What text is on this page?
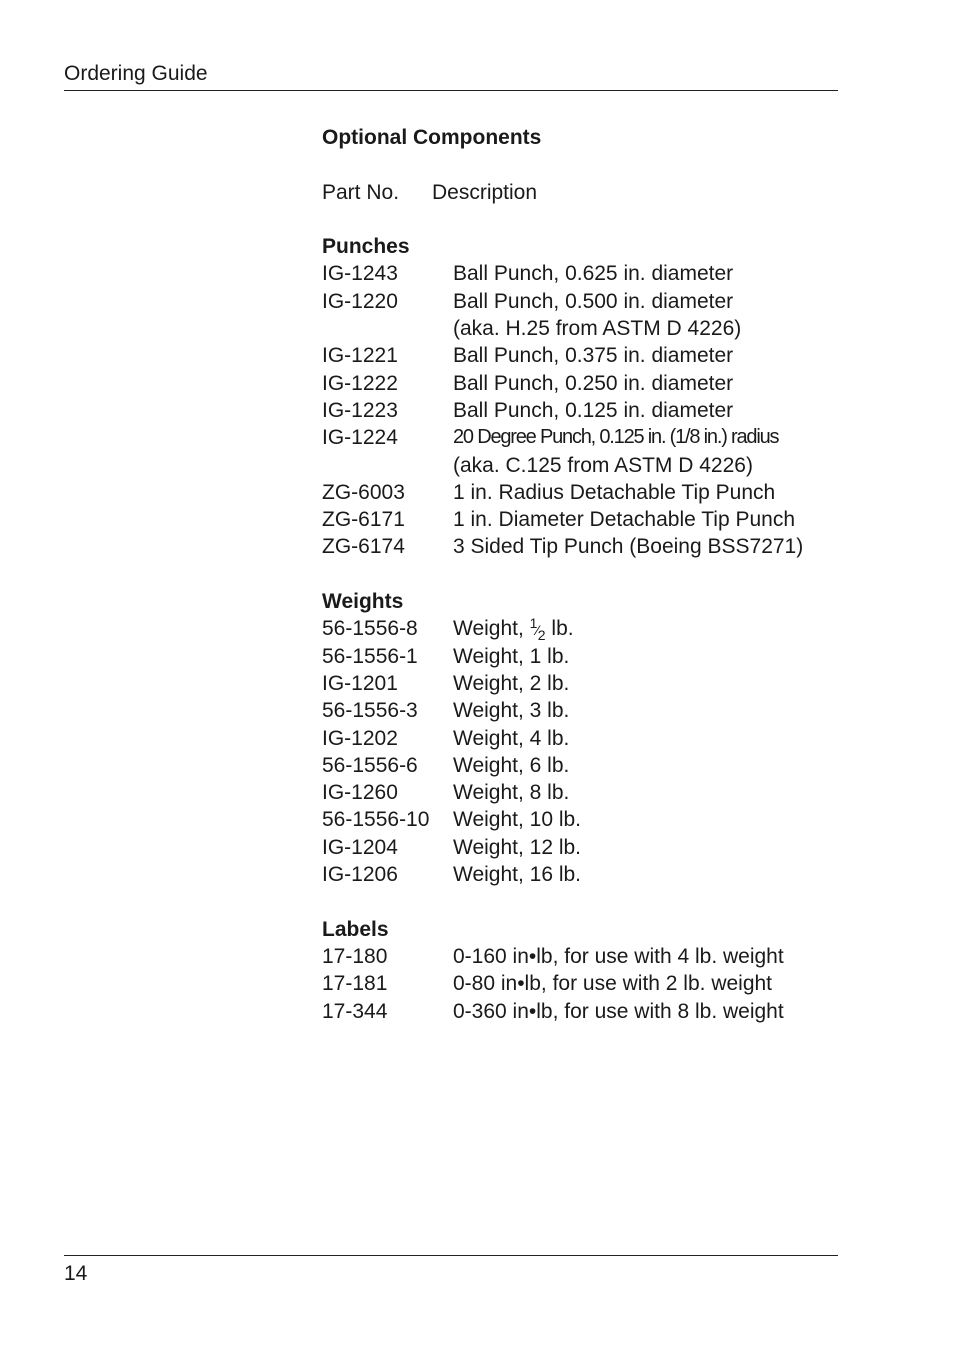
Ordering Guide
Optional Components
Part No.	Description
Punches
IG-1243	Ball Punch, 0.625 in. diameter
IG-1220	Ball Punch, 0.500 in. diameter
(aka. H.25 from ASTM D 4226)
IG-1221	Ball Punch, 0.375 in. diameter
IG-1222	Ball Punch, 0.250 in. diameter
IG-1223	Ball Punch, 0.125 in. diameter
IG-1224	20 Degree Punch, 0.125 in. (1/8 in.) radius
(aka. C.125 from ASTM D 4226)
ZG-6003	1 in. Radius Detachable Tip Punch
ZG-6171	1 in. Diameter Detachable Tip Punch
ZG-6174	3 Sided Tip Punch (Boeing BSS7271)
Weights
56-1556-8	Weight, 1⁄2 lb.
56-1556-1	Weight, 1 lb.
IG-1201	Weight, 2 lb.
56-1556-3	Weight, 3 lb.
IG-1202	Weight, 4 lb.
56-1556-6	Weight, 6 lb.
IG-1260	Weight, 8 lb.
56-1556-10	Weight, 10 lb.
IG-1204	Weight, 12 lb.
IG-1206	Weight, 16 lb.
Labels
17-180	0-160 in•lb, for use with 4 lb. weight
17-181	0-80 in•lb, for use with 2 lb. weight
17-344	0-360 in•lb, for use with 8 lb. weight
14
